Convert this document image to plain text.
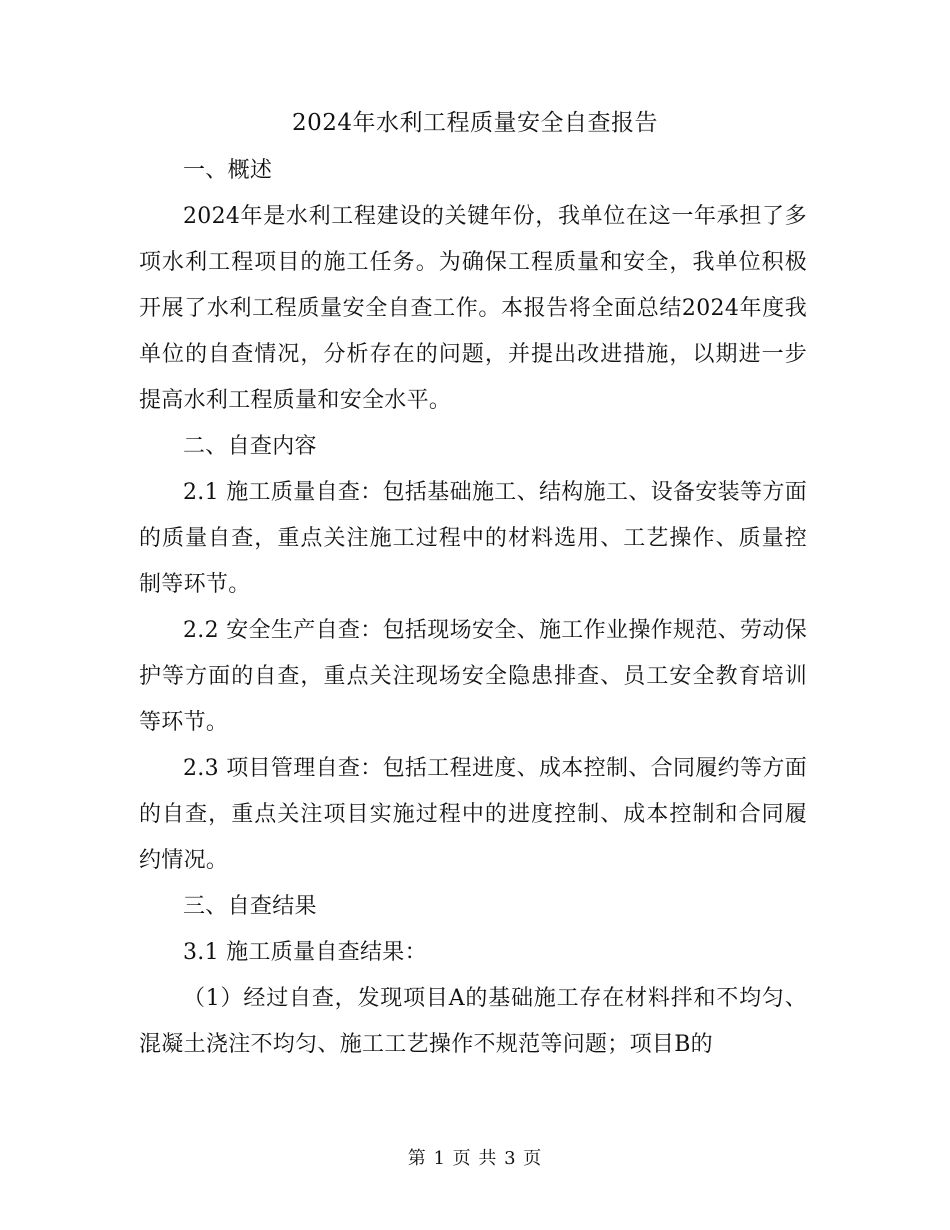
2024年水利工程质量安全自查报告

一、概述

2024年是水利工程建设的关键年份，我单位在这一年承担了多项水利工程项目的施工任务。为确保工程质量和安全，我单位积极开展了水利工程质量安全自查工作。本报告将全面总结2024年度我单位的自查情况，分析存在的问题，并提出改进措施，以期进一步提高水利工程质量和安全水平。

二、自查内容

2.1 施工质量自查：包括基础施工、结构施工、设备安装等方面的质量自查，重点关注施工过程中的材料选用、工艺操作、质量控制等环节。

2.2 安全生产自查：包括现场安全、施工作业操作规范、劳动保护等方面的自查，重点关注现场安全隐患排查、员工安全教育培训等环节。

2.3 项目管理自查：包括工程进度、成本控制、合同履约等方面的自查，重点关注项目实施过程中的进度控制、成本控制和合同履约情况。

三、自查结果

3.1 施工质量自查结果：

（1）经过自查，发现项目A的基础施工存在材料拌和不均匀、混凝土浇注不均匀、施工工艺操作不规范等问题；项目B的

第 1 页 共 3 页
